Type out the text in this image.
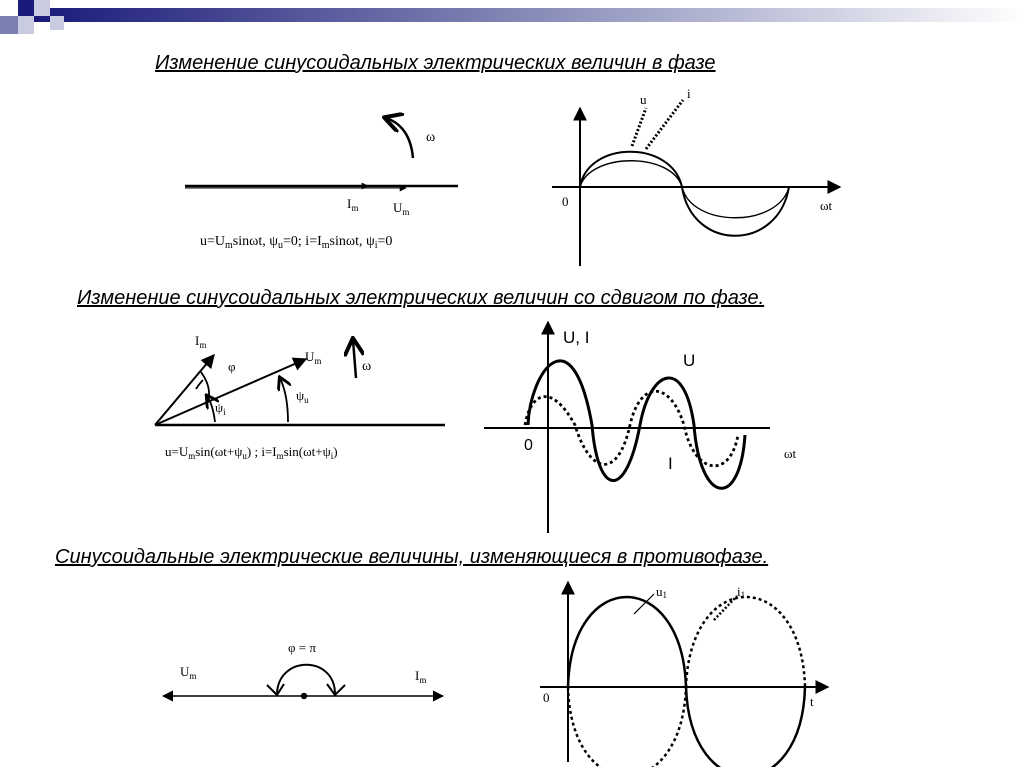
Изменение синусоидальных электрических величин в фазе

Изменение синусоидальных электрических величин со сдвигом по фазе.

Синусоидальные электрические величины, изменяющиеся в противофазе.

ω
$I_m$	$U_m$
$u=U_m\sin\omega t$, $\psi_u=0$; $i=I_m\sin\omega t$, $\psi_i=0$
u	i
0	ωt
ω
$I_m$
$U_m$
φ
$\psi_i$
$\psi_u$
$u=U_m\sin(\omega t+\psi_u)$ ; $i=I_m\sin(\omega t+\psi_i)$
U, I
U
I
0	ωt
φ = π
$U_m$	$I_m$
u1	i1
0	t
